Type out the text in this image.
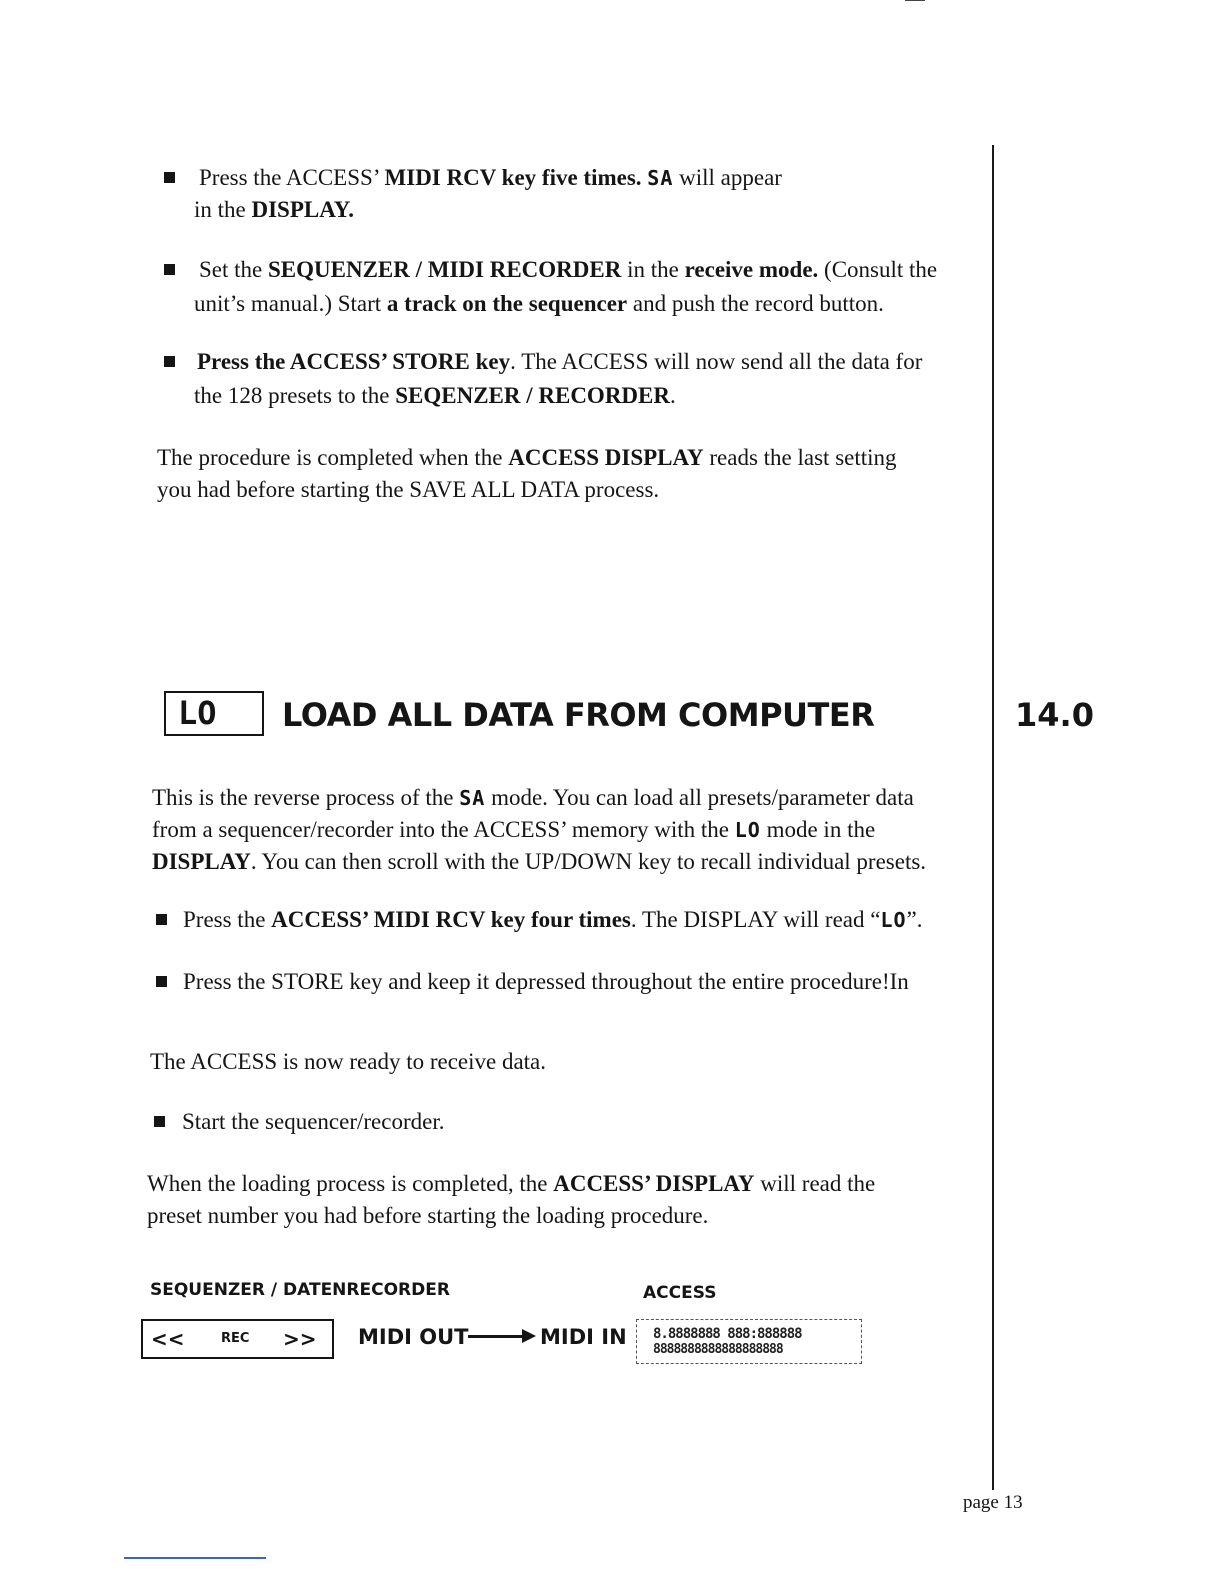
Press the ACCESS’ MIDI RCV key five times. SA will appear
in the DISPLAY.
Set the SEQUENZER / MIDI RECORDER in the receive mode. (Consult the
unit’s manual.) Start a track on the sequencer and push the record button.
Press the ACCESS’ STORE key. The ACCESS will now send all the data for
the 128 presets to the SEQENZER / RECORDER.
The procedure is completed when the ACCESS DISPLAY reads the last setting
you had before starting the SAVE ALL DATA process.
LO	LOAD ALL DATA FROM COMPUTER	14.0
This is the reverse process of the SA mode. You can load all presets/parameter data
from a sequencer/recorder into the ACCESS’ memory with the LO mode in the
DISPLAY. You can then scroll with the UP/DOWN key to recall individual presets.
Press the ACCESS’ MIDI RCV key four times. The DISPLAY will read “LO”.
Press the STORE key and keep it depressed throughout the entire procedure!In
The ACCESS is now ready to receive data.
Start the sequencer/recorder.
When the loading process is completed, the ACCESS’ DISPLAY will read the
preset number you had before starting the loading procedure.
SEQUENZER / DATENRECORDER	ACCESS
<<	REC >> MIDI OUT	MIDI IN 8.8888888 888:888888
8888888888888888888
page 13
